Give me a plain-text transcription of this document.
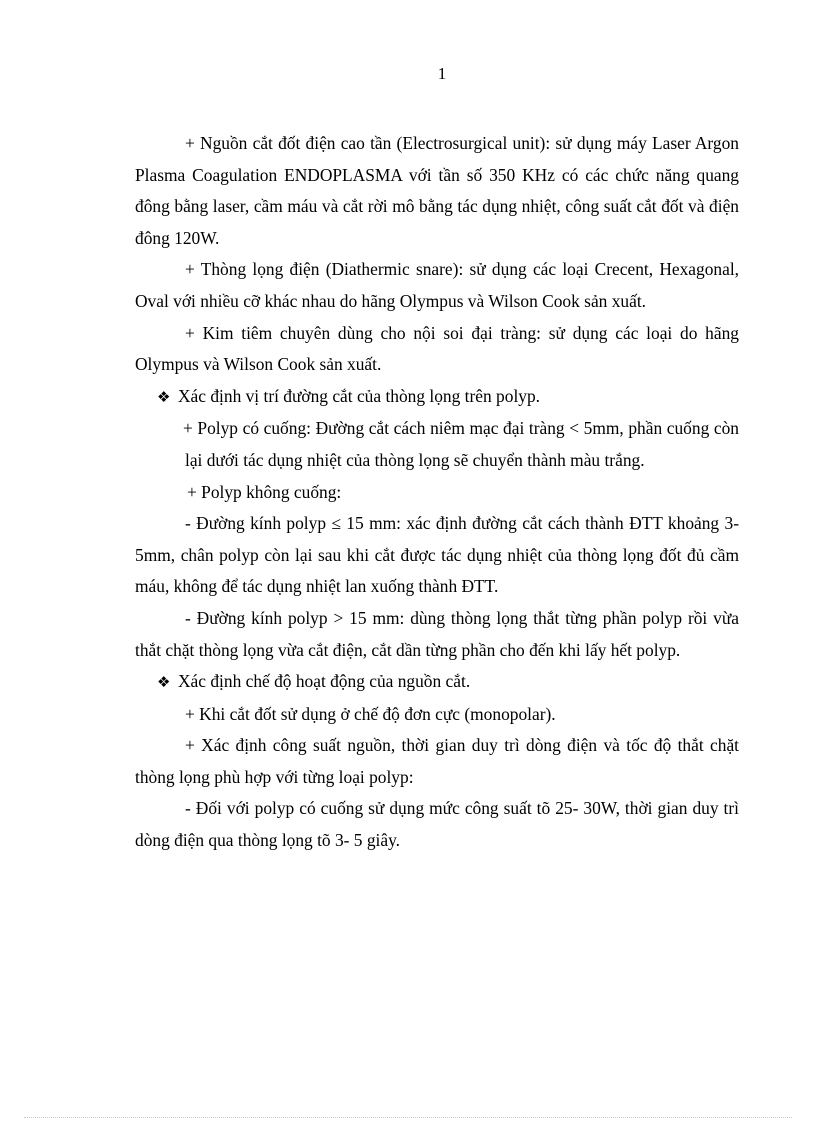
1

+ Nguồn cắt đốt điện cao tần (Electrosurgical unit): sử dụng máy Laser Argon Plasma Coagulation ENDOPLASMA với tần số 350 KHz có các chức năng quang đông bằng laser, cầm máu và cắt rời mô bằng tác dụng nhiệt, công suất cắt đốt và điện đông 120W.

+ Thòng lọng điện (Diathermic snare): sử dụng các loại Crecent, Hexagonal, Oval với nhiều cỡ khác nhau do hãng Olympus và Wilson Cook sản xuất.

+ Kim tiêm chuyên dùng cho nội soi đại tràng: sử dụng các loại do hãng Olympus và Wilson Cook sản xuất.

❖ Xác định vị trí đường cắt của thòng lọng trên polyp.

+ Polyp có cuống: Đường cắt cách niêm mạc đại tràng < 5mm, phần cuống còn lại dưới tác dụng nhiệt của thòng lọng sẽ chuyển thành màu trắng.

+ Polyp không cuống:

- Đường kính polyp ≤ 15 mm: xác định đường cắt cách thành ĐTT khoảng 3- 5mm, chân polyp còn lại sau khi cắt được tác dụng nhiệt của thòng lọng đốt đủ cầm máu, không để tác dụng nhiệt lan xuống thành ĐTT.

- Đường kính polyp > 15 mm: dùng thòng lọng thắt từng phần polyp rồi vừa thắt chặt thòng lọng vừa cắt điện, cắt dần từng phần cho đến khi lấy hết polyp.

❖ Xác định chế độ hoạt động của nguồn cắt.

+ Khi cắt đốt sử dụng ở chế độ đơn cực (monopolar).

+ Xác định công suất nguồn, thời gian duy trì dòng điện và tốc độ thắt chặt thòng lọng phù hợp với từng loại polyp:

- Đối với polyp có cuống sử dụng mức công suất tõ 25- 30W, thời gian duy trì dòng điện qua thòng lọng tõ 3- 5 giây.
